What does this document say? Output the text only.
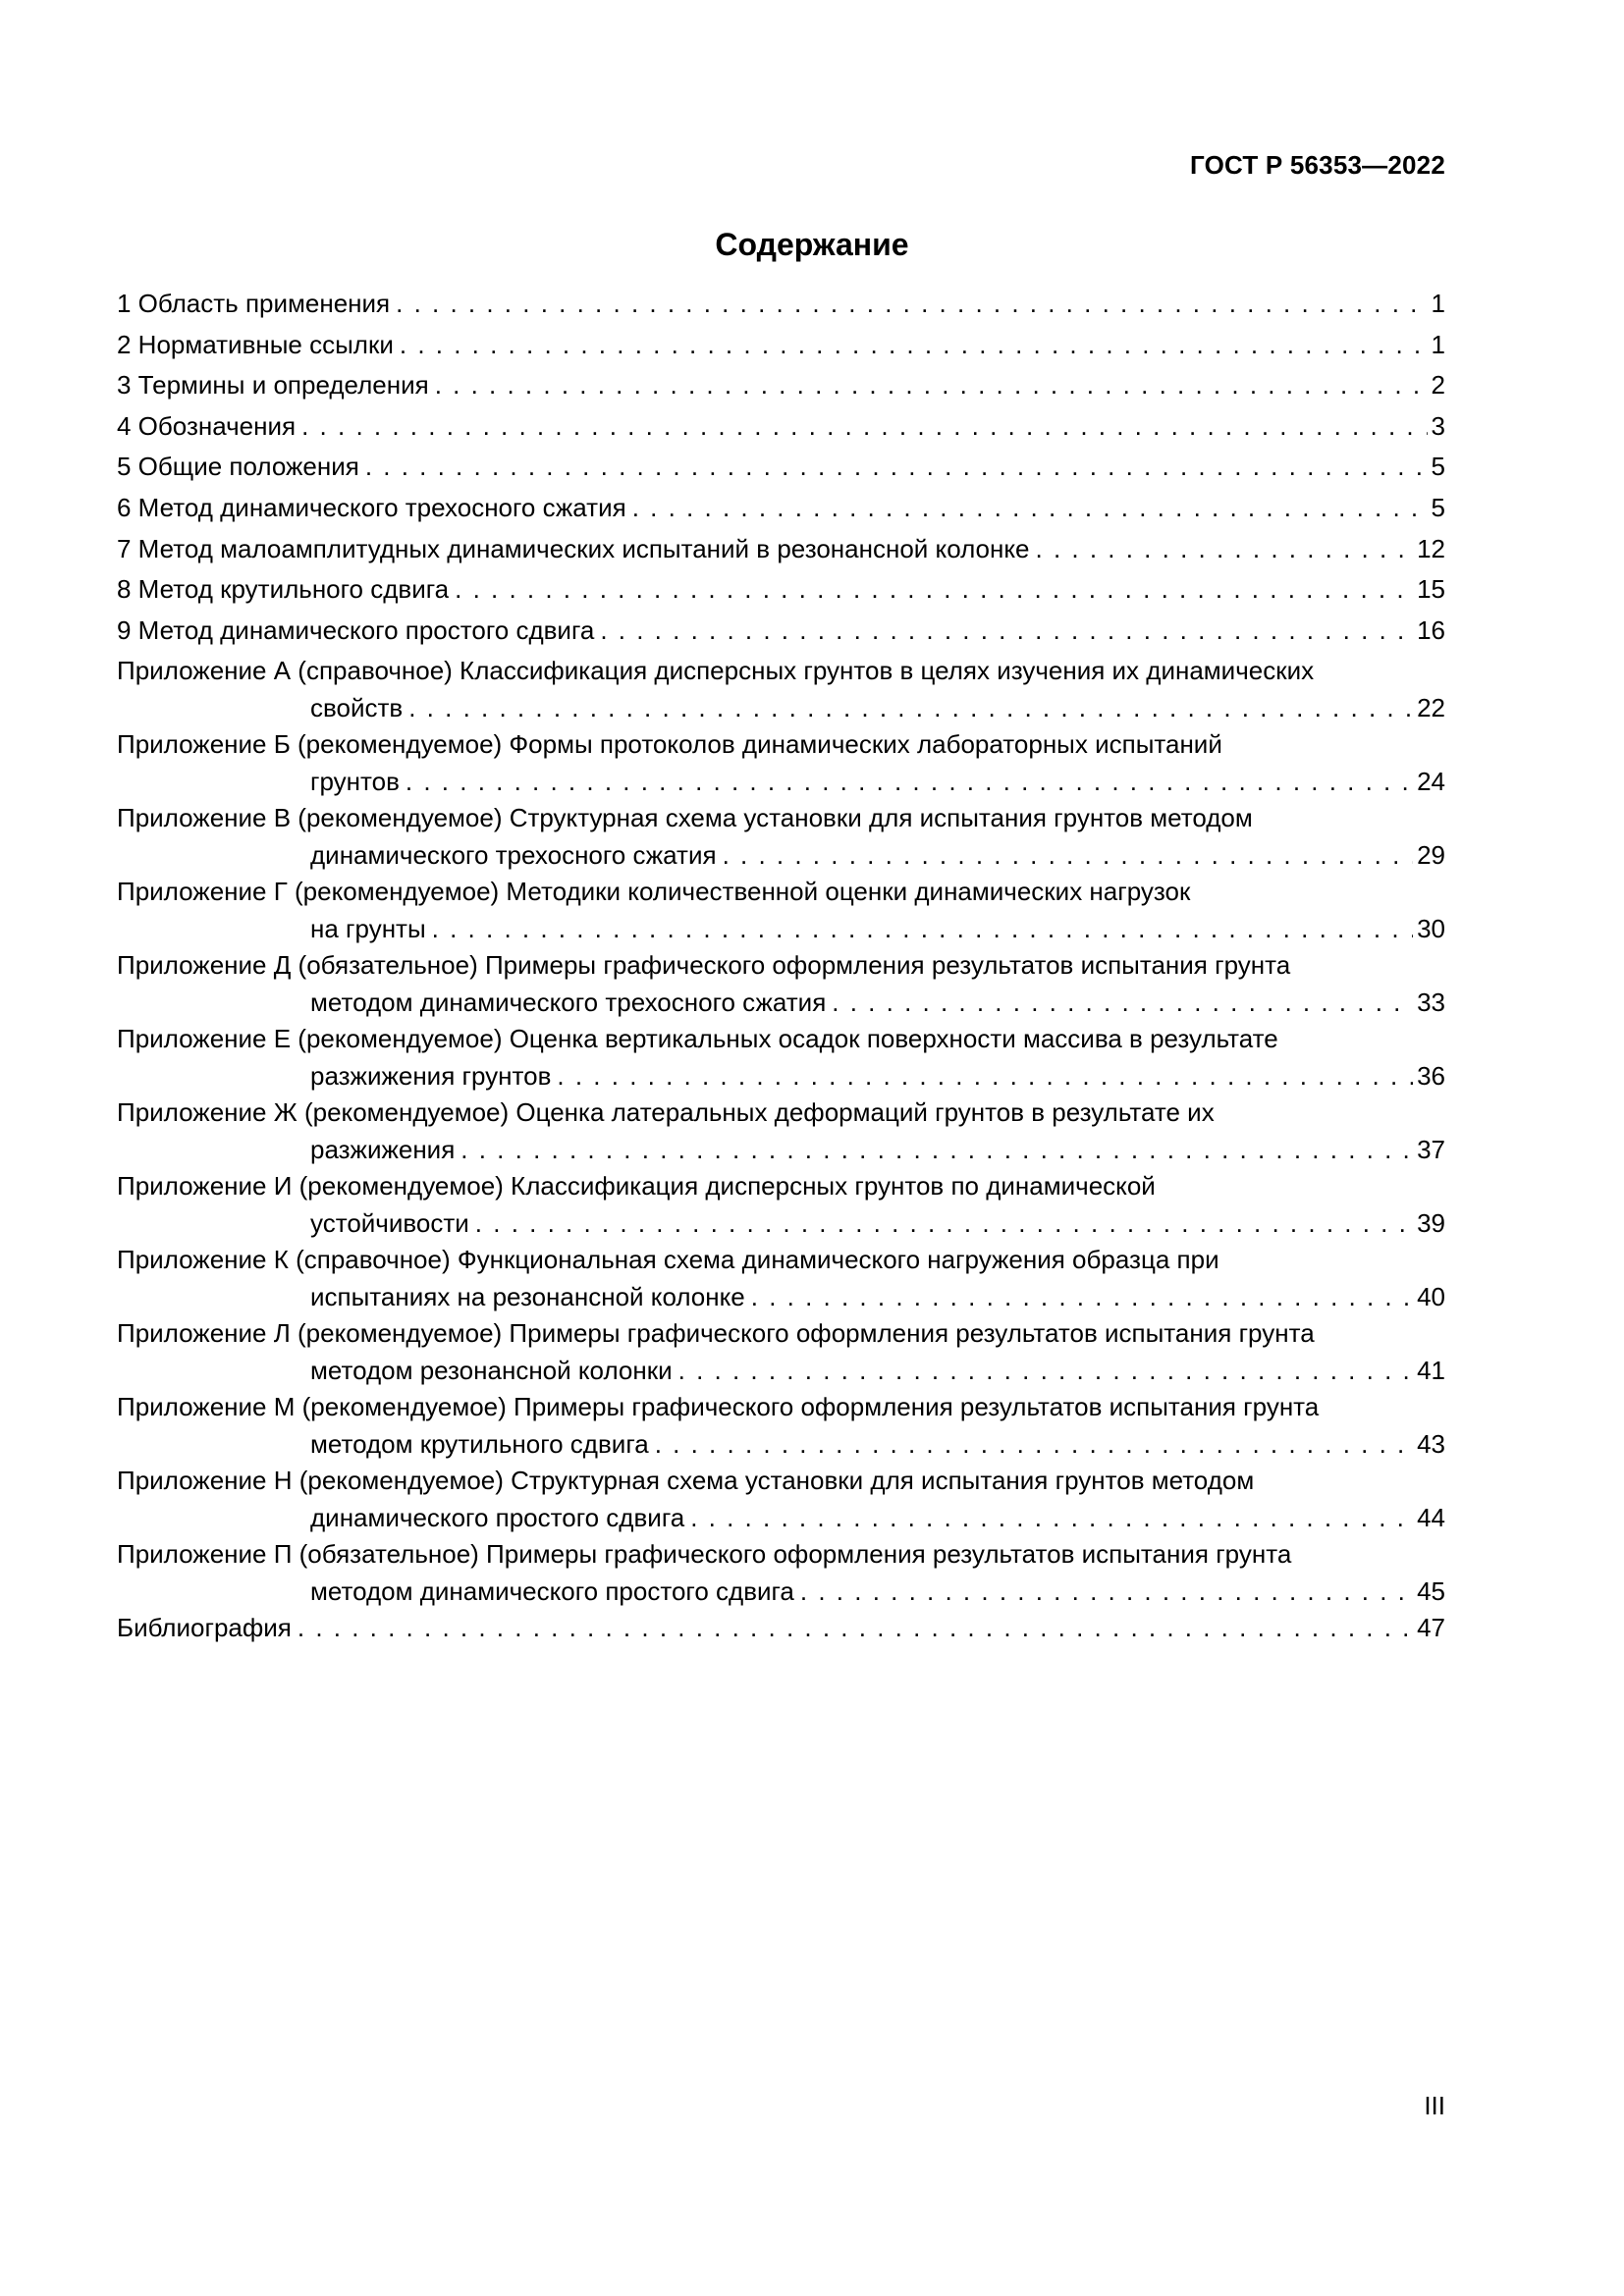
ГОСТ Р 56353—2022
Содержание
1 Область применения . . .	1
2 Нормативные ссылки . . .	1
3 Термины и определения . . .	2
4 Обозначения . . .	3
5 Общие положения . . .	5
6 Метод динамического трехосного сжатия . . .	5
7 Метод малоамплитудных динамических испытаний в резонансной колонке . . .	12
8 Метод крутильного сдвига . . .	15
9 Метод динамического простого сдвига . . .	16
Приложение А (справочное) Классификация дисперсных грунтов в целях изучения их динамических
свойств . . .	22
Приложение Б (рекомендуемое) Формы протоколов динамических лабораторных испытаний
грунтов . . .	24
Приложение В (рекомендуемое) Структурная схема установки для испытания грунтов методом
динамического трехосного сжатия . . .	29
Приложение Г (рекомендуемое) Методики количественной оценки динамических нагрузок
на грунты . . .	30
Приложение Д (обязательное) Примеры графического оформления результатов испытания грунта
методом динамического трехосного сжатия . . .	33
Приложение Е (рекомендуемое) Оценка вертикальных осадок поверхности массива в результате
разжижения грунтов . . .	36
Приложение Ж (рекомендуемое) Оценка латеральных деформаций грунтов в результате их
разжижения . . .	37
Приложение И (рекомендуемое) Классификация дисперсных грунтов по динамической
устойчивости . . .	39
Приложение К (справочное) Функциональная схема динамического нагружения образца при
испытаниях на резонансной колонке . . .	40
Приложение Л (рекомендуемое) Примеры графического оформления результатов испытания грунта
методом резонансной колонки . . .	41
Приложение М (рекомендуемое) Примеры графического оформления результатов испытания грунта
методом крутильного сдвига . . .	43
Приложение Н (рекомендуемое) Структурная схема установки для испытания грунтов методом
динамического простого сдвига . . .	44
Приложение П (обязательное) Примеры графического оформления результатов испытания грунта
методом динамического простого сдвига . . .	45
Библиография . . .	47
III
